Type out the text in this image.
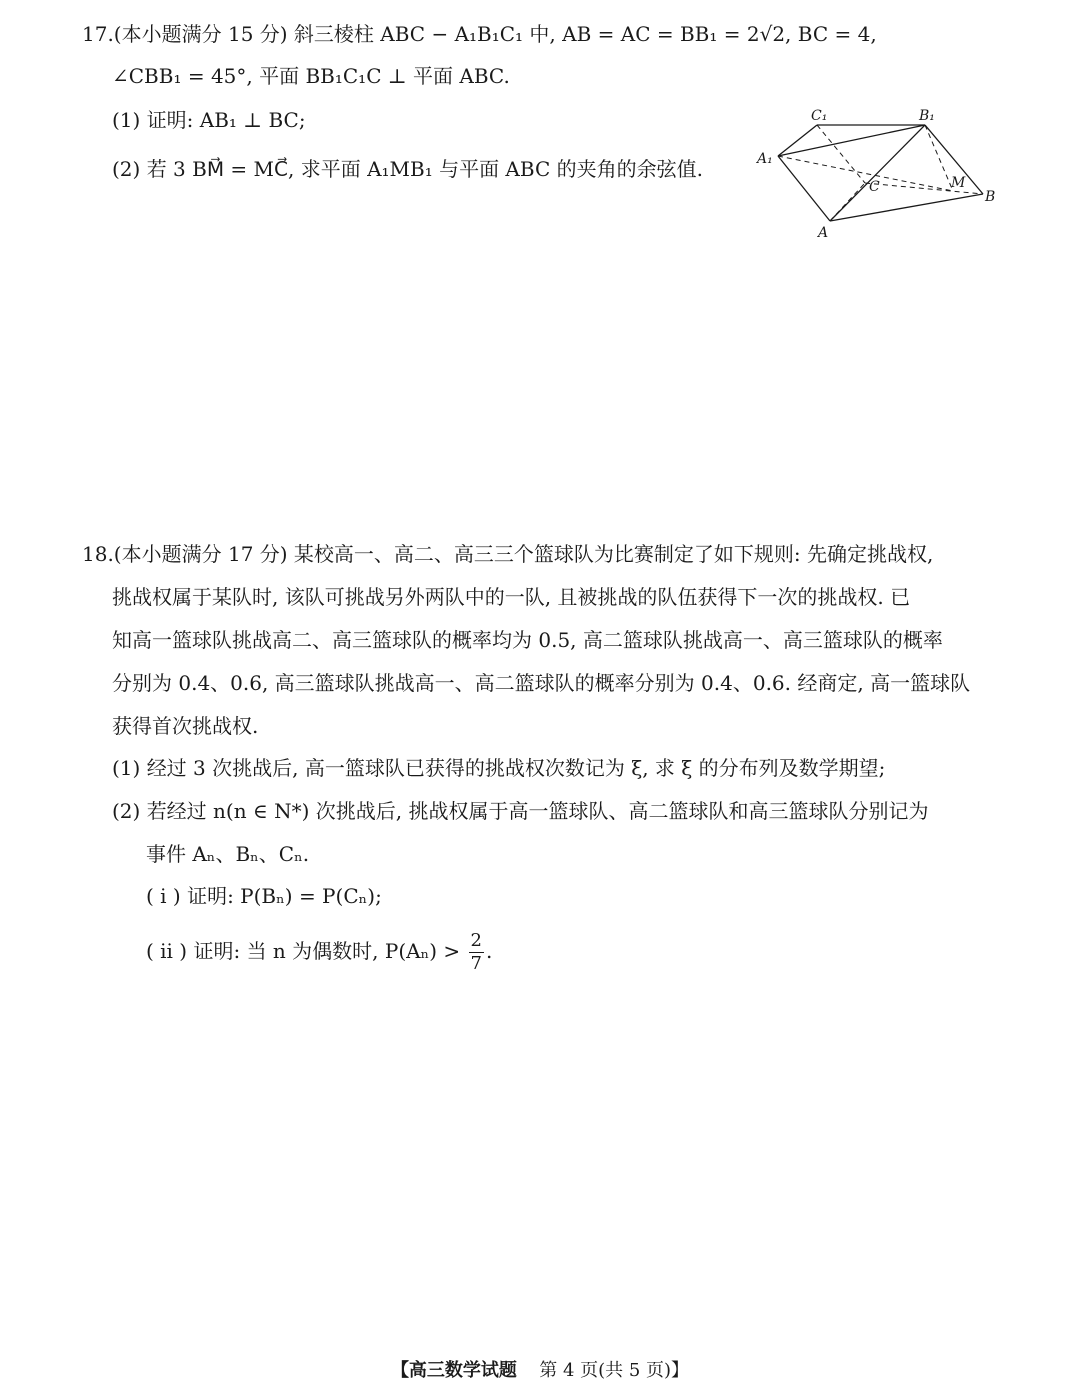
17.(本小题满分 15 分) 斜三棱柱 ABC − A₁B₁C₁ 中, AB = AC = BB₁ = 2√2, BC = 4,
∠CBB₁ = 45°, 平面 BB₁C₁C ⊥ 平面 ABC.
(1) 证明: AB₁ ⊥ BC;
(2) 若 3 BM⃗ = MC⃗, 求平面 A₁MB₁ 与平面 ABC 的夹角的余弦值.
C₁	B₁
A₁
C	M
B
A
18.(本小题满分 17 分) 某校高一、高二、高三三个篮球队为比赛制定了如下规则: 先确定挑战权,
挑战权属于某队时, 该队可挑战另外两队中的一队, 且被挑战的队伍获得下一次的挑战权. 已
知高一篮球队挑战高二、高三篮球队的概率均为 0.5, 高二篮球队挑战高一、高三篮球队的概率
分别为 0.4、0.6, 高三篮球队挑战高一、高二篮球队的概率分别为 0.4、0.6. 经商定, 高一篮球队
获得首次挑战权.
(1) 经过 3 次挑战后, 高一篮球队已获得的挑战权次数记为 ξ, 求 ξ 的分布列及数学期望;
(2) 若经过 n(n ∈ N*) 次挑战后, 挑战权属于高一篮球队、高二篮球队和高三篮球队分别记为
事件 Aₙ、Bₙ、Cₙ.
( i ) 证明: P(Bₙ) = P(Cₙ);
( ii ) 证明: 当 n 为偶数时, $P(A_n) > \frac{2}{7}$ .
【高三数学试题 第 4 页(共 5 页)】
